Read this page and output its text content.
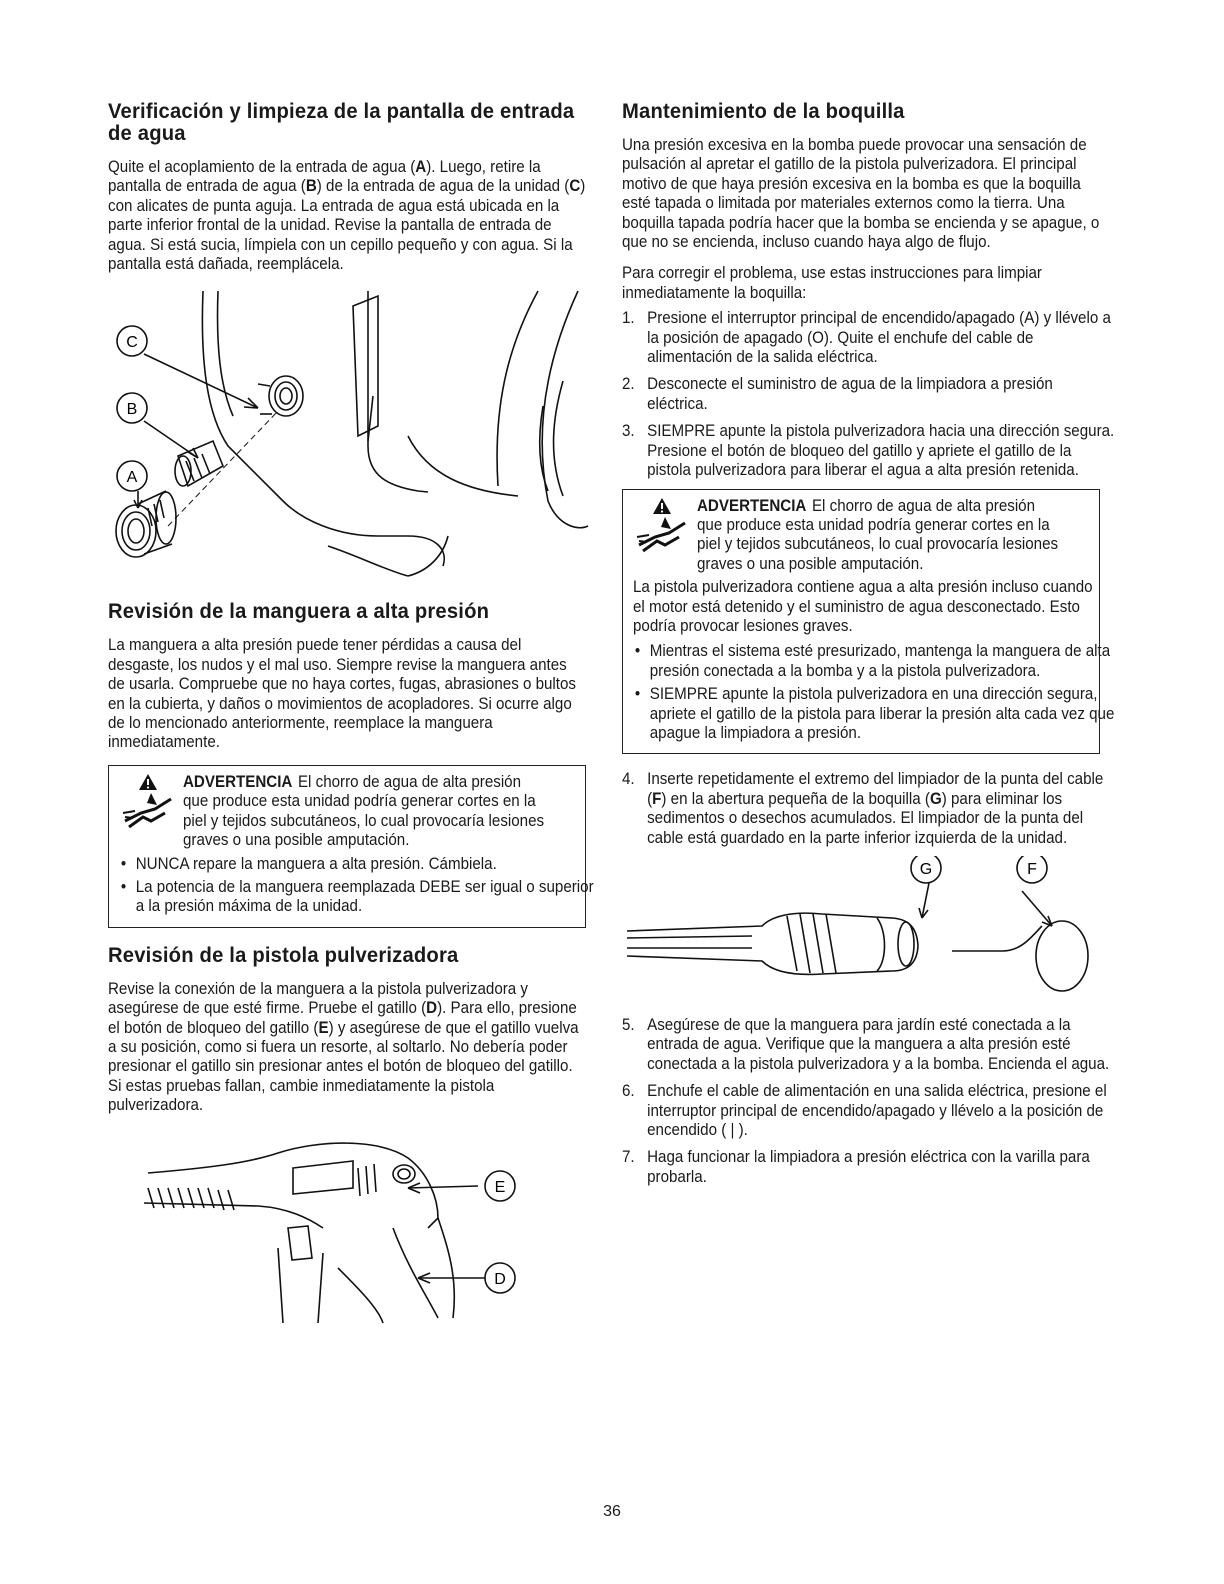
Verificación y limpieza de la pantalla de entrada de agua

Quite el acoplamiento de la entrada de agua (A). Luego, retire la pantalla de entrada de agua (B) de la entrada de agua de la unidad (C) con alicates de punta aguja. La entrada de agua está ubicada en la parte inferior frontal de la unidad. Revise la pantalla de entrada de agua. Si está sucia, límpiela con un cepillo pequeño y con agua. Si la pantalla está dañada, reemplácela.

C
B
A
Revisión de la manguera a alta presión

La manguera a alta presión puede tener pérdidas a causa del desgaste, los nudos y el mal uso. Siempre revise la manguera antes de usarla. Compruebe que no haya cortes, fugas, abrasiones o bultos en la cubierta, y daños o movimientos de acopladores. Si ocurre algo de lo mencionado anteriormente, reemplace la manguera inmediatamente.

ADVERTENCIA El chorro de agua de alta presión que produce esta unidad podría generar cortes en la piel y tejidos subcutáneos, lo cual provocaría lesiones graves o una posible amputación.
• NUNCA repare la manguera a alta presión. Cámbiela.
• La potencia de la manguera reemplazada DEBE ser igual o superior a la presión máxima de la unidad.
Revisión de la pistola pulverizadora

Revise la conexión de la manguera a la pistola pulverizadora y asegúrese de que esté firme. Pruebe el gatillo (D). Para ello, presione el botón de bloqueo del gatillo (E) y asegúrese de que el gatillo vuelva a su posición, como si fuera un resorte, al soltarlo. No debería poder presionar el gatillo sin presionar antes el botón de bloqueo del gatillo. Si estas pruebas fallan, cambie inmediatamente la pistola pulverizadora.

E
D
Mantenimiento de la boquilla

Una presión excesiva en la bomba puede provocar una sensación de pulsación al apretar el gatillo de la pistola pulverizadora. El principal motivo de que haya presión excesiva en la bomba es que la boquilla esté tapada o limitada por materiales externos como la tierra. Una boquilla tapada podría hacer que la bomba se encienda y se apague, o que no se encienda, incluso cuando haya algo de flujo.

Para corregir el problema, use estas instrucciones para limpiar inmediatamente la boquilla:

1. Presione el interruptor principal de encendido/apagado (A) y llévelo a la posición de apagado (O). Quite el enchufe del cable de alimentación de la salida eléctrica.
2. Desconecte el suministro de agua de la limpiadora a presión eléctrica.
3. SIEMPRE apunte la pistola pulverizadora hacia una dirección segura. Presione el botón de bloqueo del gatillo y apriete el gatillo de la pistola pulverizadora para liberar el agua a alta presión retenida.
ADVERTENCIA El chorro de agua de alta presión que produce esta unidad podría generar cortes en la piel y tejidos subcutáneos, lo cual provocaría lesiones graves o una posible amputación.

La pistola pulverizadora contiene agua a alta presión incluso cuando el motor está detenido y el suministro de agua desconectado. Esto podría provocar lesiones graves.

• Mientras el sistema esté presurizado, mantenga la manguera de alta presión conectada a la bomba y a la pistola pulverizadora.
• SIEMPRE apunte la pistola pulverizadora en una dirección segura, apriete el gatillo de la pistola para liberar la presión alta cada vez que apague la limpiadora a presión.
4. Inserte repetidamente el extremo del limpiador de la punta del cable (F) en la abertura pequeña de la boquilla (G) para eliminar los sedimentos o desechos acumulados. El limpiador de la punta del cable está guardado en la parte inferior izquierda de la unidad.
G	F
5. Asegúrese de que la manguera para jardín esté conectada a la entrada de agua. Verifique que la manguera a alta presión esté conectada a la pistola pulverizadora y a la bomba. Encienda el agua.
6. Enchufe el cable de alimentación en una salida eléctrica, presione el interruptor principal de encendido/apagado y llévelo a la posición de encendido ( | ).
7. Haga funcionar la limpiadora a presión eléctrica con la varilla para probarla.
36
